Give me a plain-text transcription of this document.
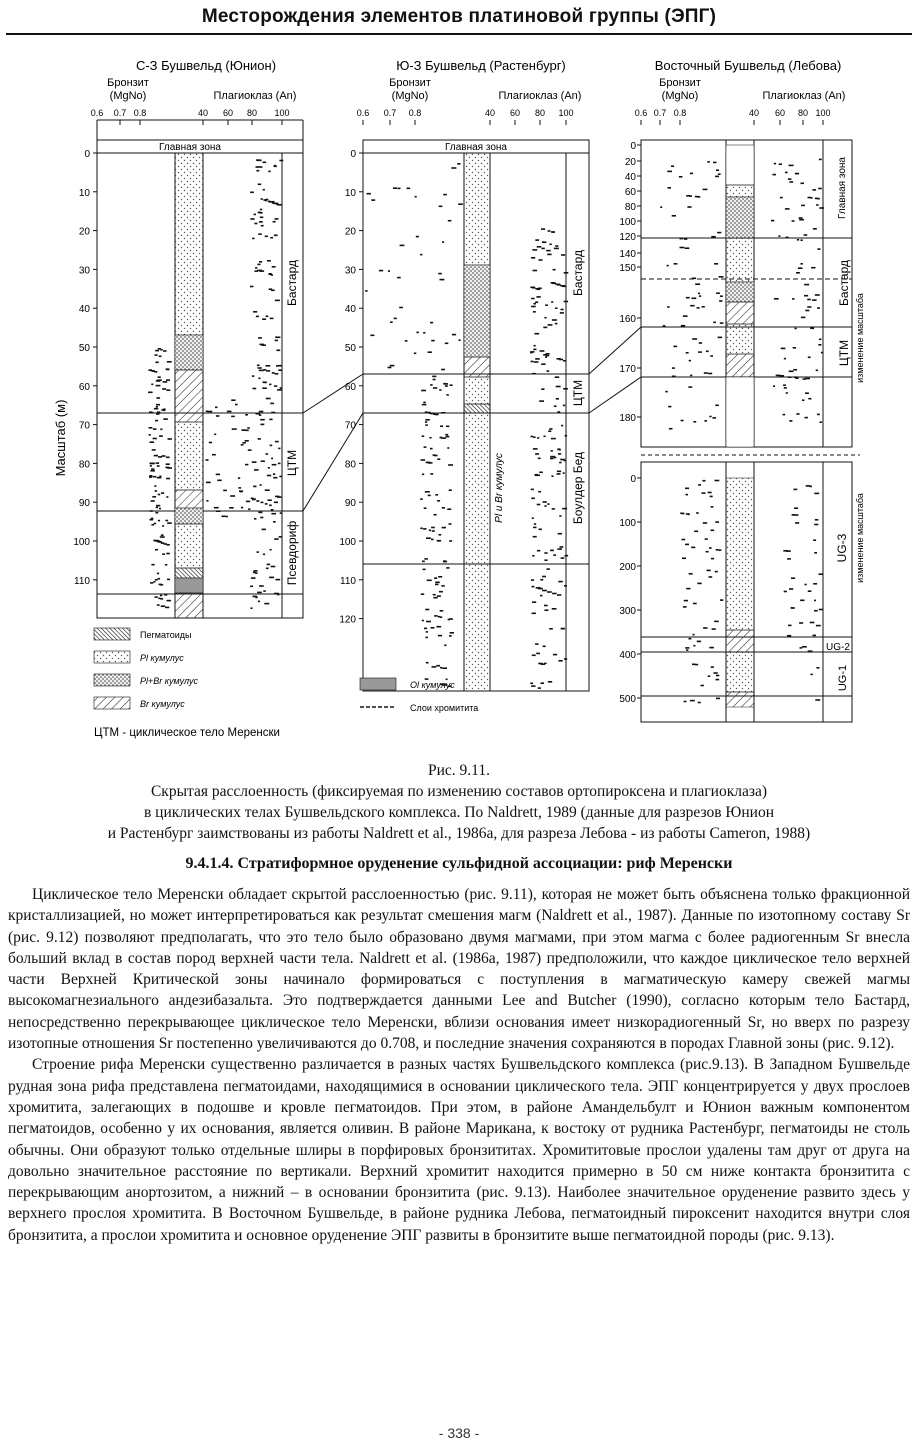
Месторождения элементов платиновой группы (ЭПГ)
С-З Бушвельд (Юнион)	Ю-З Бушвельд (Растенбург)	Восточный Бушвельд (Лебова)
Бронзит
(MgNo)	Плагиоклаз (An)
Бронзит
(MgNo)	Плагиоклаз (An)
Бронзит
(MgNo)	Плагиоклаз (An)
Масштаб (м)
Главная зона
Бастард
ЦТМ
Псевдориф
Главная зона
Pl и Br кумулус
Бастард
ЦТМ
Боулдер Бед
Главная зона
Бастард
ЦТМ изменение масштаба
UG-3
UG-2
UG-1
изменение масштаба
0.6 0.7 0.8	40 60 80 100	0.6 0.7 0.8	40 60 80 100	0.6 0.7 0.8	40 60 80 100
0	0
10	10
20	20
30	30
40	40
50	50
60	60
70	70
80	80
90	90
100	100
110	110
120
0
20
40
60
80
100
120
140
150
160
170
180
0
100
200
300
400
500
Пегматоиды
Pl кумулус
Pl+Br кумулус
Br кумулус
Ol кумулус
Слои хромитита
ЦТМ - циклическое тело Меренски
Рис. 9.11.
Скрытая расслоенность (фиксируемая по изменению составов ортопироксена и плагиоклаза)
в циклических телах Бушвельдского комплекса. По Naldrett, 1989 (данные для разрезов Юнион
и Растенбург заимствованы из работы Naldrett et al., 1986а, для разреза Лебова - из работы Cameron, 1988)
9.4.1.4. Стратиформное оруденение сульфидной ассоциации: риф Меренски

Циклическое тело Меренски обладает скрытой расслоенностью (рис. 9.11), которая не может быть объяснена только фракционной кристаллизацией, но может интерпретироваться как результат смешения магм (Naldrett et al., 1987). Данные по изотопному составу Sr (рис. 9.12) позволяют предполагать, что это тело было образовано двумя магмами, при этом магма с более радиогенным Sr внесла больший вклад в состав пород верхней части тела. Naldrett et al. (1986а, 1987) предположили, что каждое циклическое тело верхней части Верхней Критической зоны начинало формироваться с поступления в магматическую камеру свежей магмы высокомагнезиального андезибазальта. Это подтверждается данными Lee and Butcher (1990), согласно которым тело Бастард, непосредственно перекрывающее циклическое тело Меренски, вблизи основания имеет низкорадиогенный Sr, но вверх по разрезу изотопные отношения Sr постепенно увеличиваются до 0.708, и последние значения сохраняются в породах Главной зоны (рис. 9.12).

Строение рифа Меренски существенно различается в разных частях Бушвельдского комплекса (рис.9.13). В Западном Бушвельде рудная зона рифа представлена пегматоидами, находящимися в основании циклического тела. ЭПГ концентрируется у двух прослоев хромитита, залегающих в подошве и кровле пегматоидов. При этом, в районе Амандельбулт и Юнион важным компонентом пегматоидов, особенно у их основания, является оливин. В районе Марикана, к востоку от рудника Растенбург, пегматоиды не столь обычны. Они образуют только отдельные шлиры в порфировых бронзититах. Хромититовые прослои удалены там друг от друга на довольно значительное расстояние по вертикали. Верхний хромитит находится примерно в 50 см ниже контакта бронзитита с перекрывающим анортозитом, а нижний – в основании бронзитита (рис. 9.13). Наиболее значительное оруденение развито здесь у верхнего прослоя хромитита. В Восточном Бушвельде, в районе рудника Лебова, пегматоидный пироксенит находится внутри слоя бронзитита, а прослои хромитита и основное оруденение ЭПГ развиты в бронзитите выше пегматоидной породы (рис. 9.13).

- 338 -
